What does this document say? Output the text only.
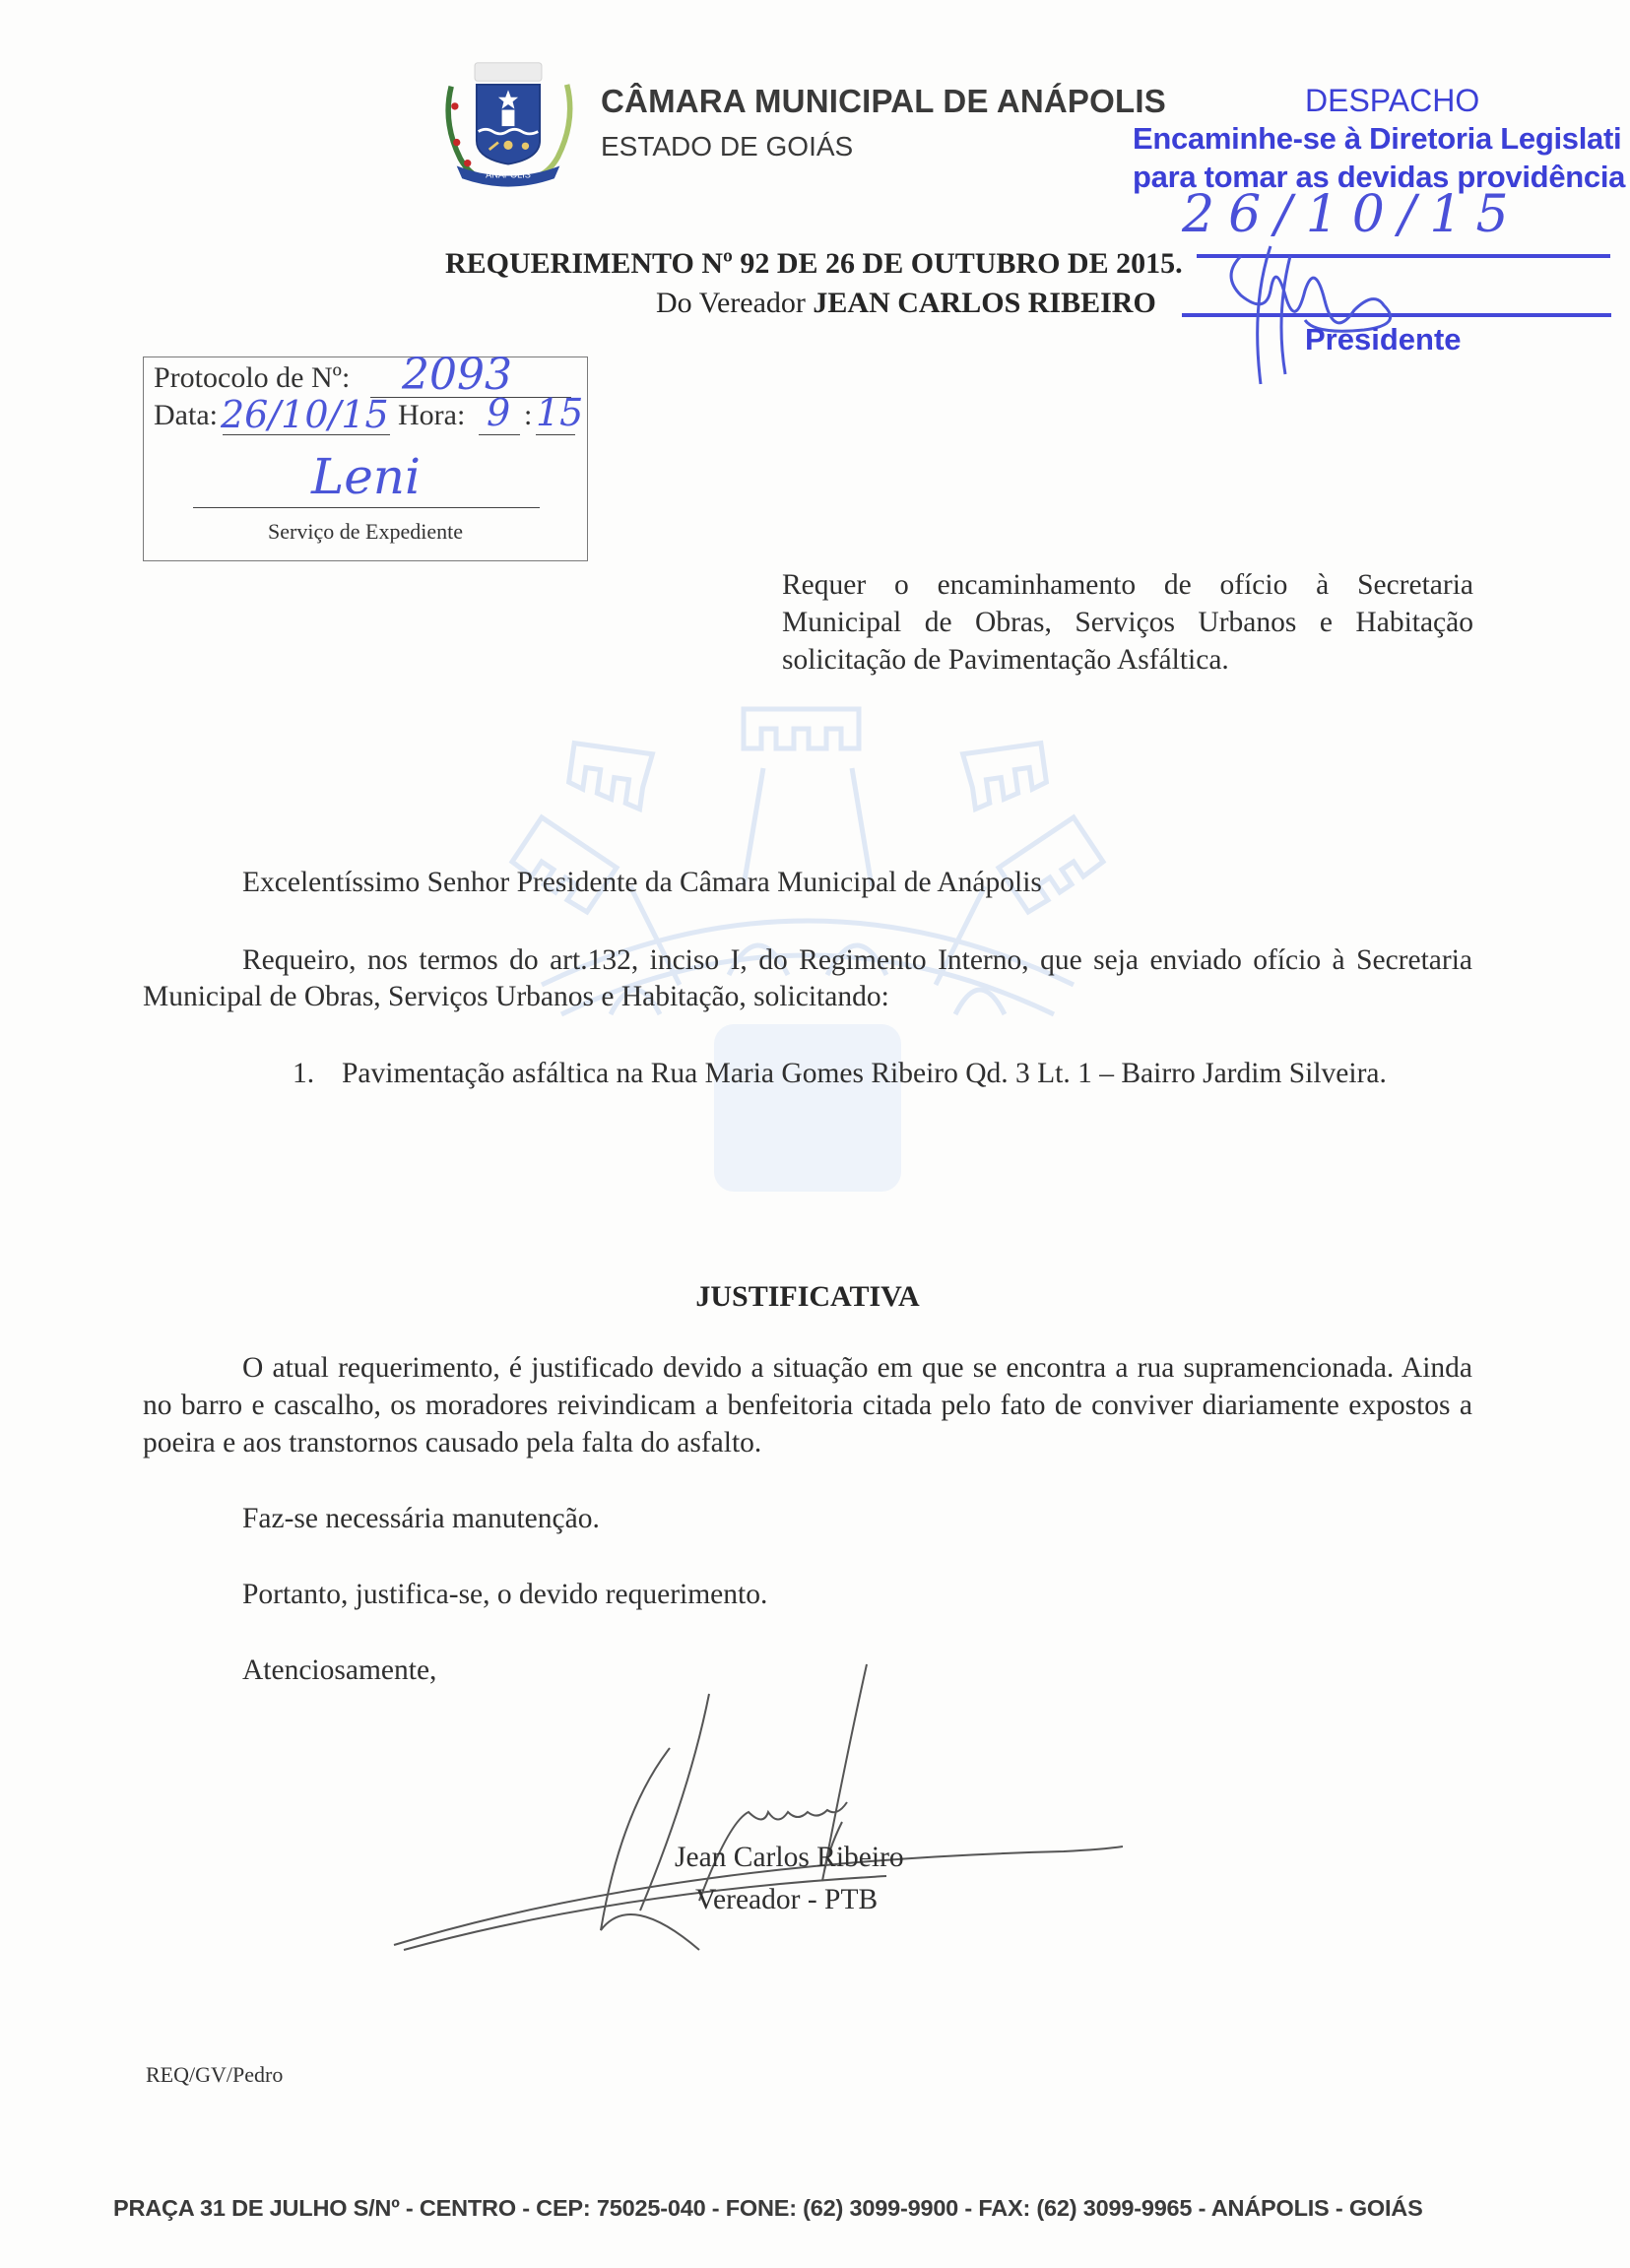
ANÁPOLIS
CÂMARA MUNICIPAL DE ANÁPOLIS
ESTADO DE GOIÁS
DESPACHO
Encaminhe-se à Diretoria Legislati
para tomar as devidas providência
26/10/15
Presidente
REQUERIMENTO Nº 92 DE 26 DE OUTUBRO DE 2015.
Do Vereador JEAN CARLOS RIBEIRO
Protocolo de Nº: 2093
Data: 26/10/15 Hora: 9 : 15
Leni
Serviço de Expediente
Requer o encaminhamento de ofício à Secretaria
Municipal de Obras, Serviços Urbanos e Habitação
solicitação de Pavimentação Asfáltica.
Excelentíssimo Senhor Presidente da Câmara Municipal de Anápolis
Requeiro, nos termos do art.132, inciso I, do Regimento Interno, que seja enviado ofício à Secretaria Municipal de Obras, Serviços Urbanos e Habitação, solicitando:
1. Pavimentação asfáltica na Rua Maria Gomes Ribeiro Qd. 3 Lt. 1 – Bairro Jardim Silveira.
JUSTIFICATIVA
O atual requerimento, é justificado devido a situação em que se encontra a rua supramencionada. Ainda no barro e cascalho, os moradores reivindicam a benfeitoria citada pelo fato de conviver diariamente expostos a poeira e aos transtornos causado pela falta do asfalto.
Faz-se necessária manutenção.
Portanto, justifica-se, o devido requerimento.
Atenciosamente,
Jean Carlos Ribeiro
Vereador - PTB
REQ/GV/Pedro
PRAÇA 31 DE JULHO S/Nº - CENTRO - CEP: 75025-040 - FONE: (62) 3099-9900 - FAX: (62) 3099-9965 - ANÁPOLIS - GOIÁS
